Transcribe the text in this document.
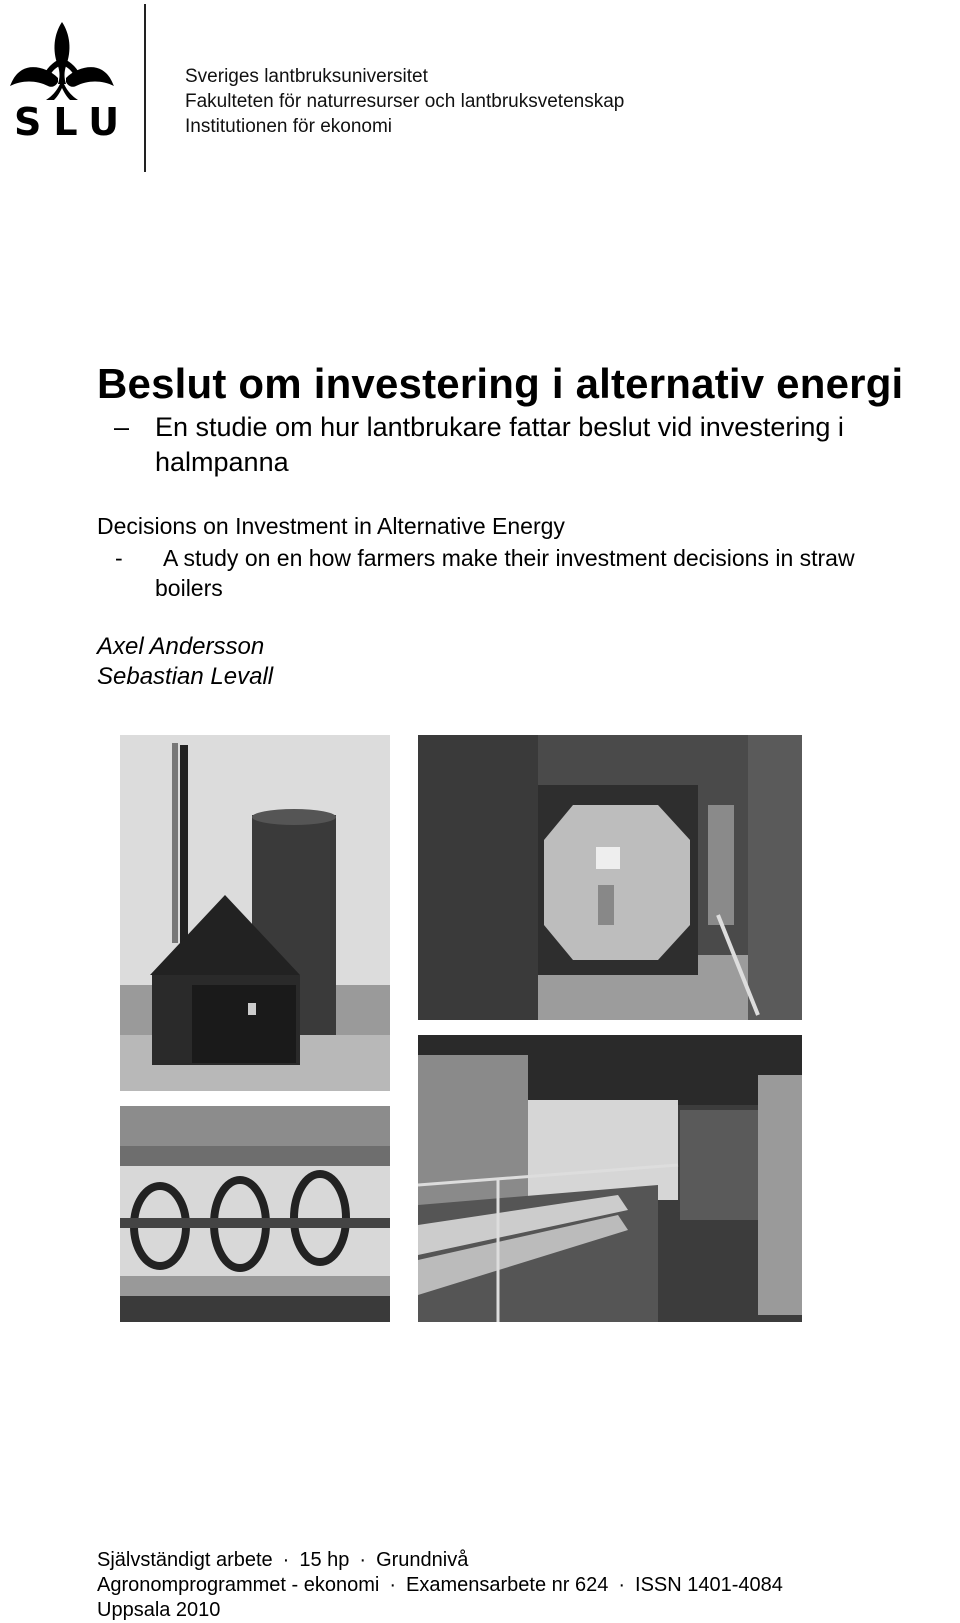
SLU
Sveriges lantbruksuniversitet
Fakulteten för naturresurser och lantbruksvetenskap
Institutionen för ekonomi
Beslut om investering i alternativ energi
– En studie om hur lantbrukare fattar beslut vid investering i halmpanna
Decisions on Investment in Alternative Energy
-	A study on en how farmers make their investment decisions in straw
boilers
Axel Andersson
Sebastian Levall
Självständigt arbete · 15 hp · Grundnivå
Agronomprogrammet - ekonomi · Examensarbete nr 624 · ISSN 1401-4084
Uppsala 2010
